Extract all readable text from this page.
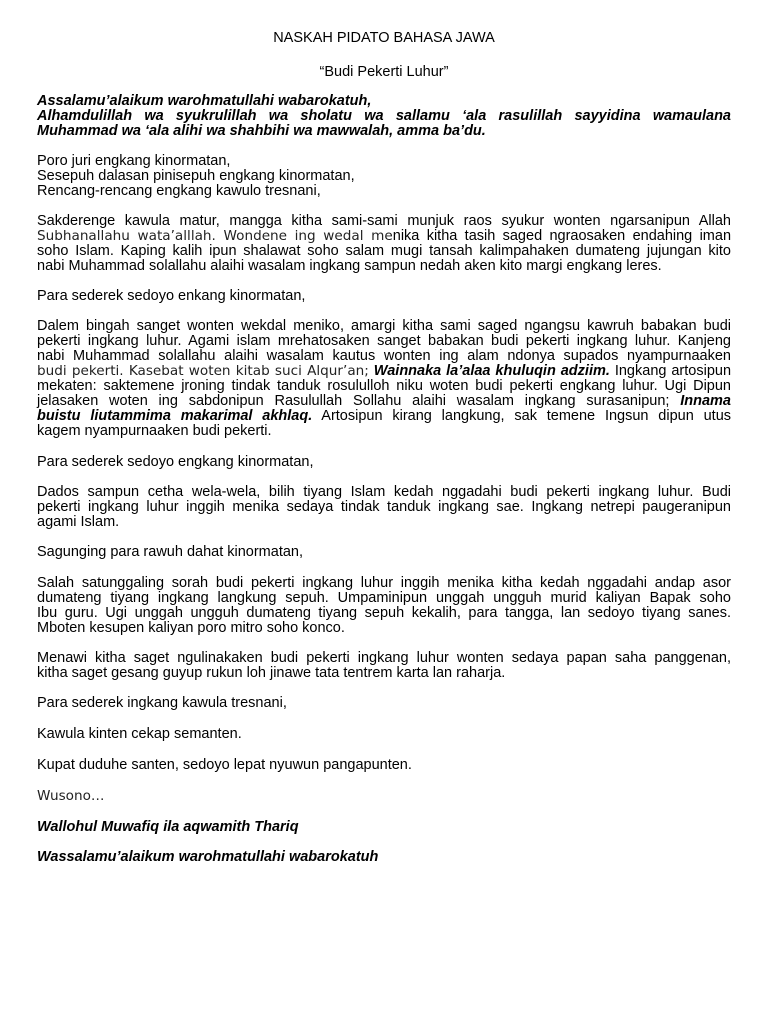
NASKAH PIDATO BAHASA JAWA
“Budi Pekerti Luhur”
Assalamu’alaikum warohmatullahi wabarokatuh,
Alhamdulillah wa syukrulillah wa sholatu wa sallamu ‘ala rasulillah sayyidina wamaulana
Muhammad wa ‘ala alihi wa shahbihi wa mawwalah, amma ba’du.
Poro juri engkang kinormatan,
Sesepuh dalasan pinisepuh engkang kinormatan,
Rencang-rencang engkang kawulo tresnani,
Sakderenge kawula matur, mangga kitha sami-sami munjuk raos syukur wonten ngarsanipun Allah
Subhanallahu wata’alllah. Wondene ing wedal menika kitha tasih saged ngraosaken endahing iman
soho Islam. Kaping kalih ipun shalawat soho salam mugi tansah kalimpahaken dumateng jujungan kito
nabi Muhammad solallahu alaihi wasalam ingkang sampun nedah aken kito margi engkang leres.
Para sederek sedoyo enkang kinormatan,
Dalem bingah sanget wonten wekdal meniko, amargi kitha sami saged ngangsu kawruh babakan budi
pekerti ingkang luhur. Agami islam mrehatosaken sanget babakan budi pekerti ingkang luhur. Kanjeng
nabi Muhammad solallahu alaihi wasalam kautus wonten ing alam ndonya supados nyampurnaaken
budi pekerti. Kasebat woten kitab suci Alqur’an; Wainnaka la’alaa khuluqin adziim. Ingkang artosipun
mekaten: saktemene jroning tindak tanduk rosululloh niku woten budi pekerti engkang luhur. Ugi Dipun
jelasaken woten ing sabdonipun Rasulullah Sollahu alaihi wasalam ingkang surasanipun; Innama
buistu liutammima makarimal akhlaq. Artosipun kirang langkung, sak temene Ingsun dipun utus
kagem nyampurnaaken budi pekerti.
Para sederek sedoyo engkang kinormatan,
Dados sampun cetha wela-wela, bilih tiyang Islam kedah nggadahi budi pekerti ingkang luhur. Budi
pekerti ingkang luhur inggih menika sedaya tindak tanduk ingkang sae. Ingkang netrepi paugeranipun
agami Islam.
Sagunging para rawuh dahat kinormatan,
Salah satunggaling sorah budi pekerti ingkang luhur inggih menika kitha kedah nggadahi andap asor
dumateng tiyang ingkang langkung sepuh. Umpaminipun unggah ungguh murid kaliyan Bapak soho
Ibu guru. Ugi unggah ungguh dumateng tiyang sepuh kekalih, para tangga, lan sedoyo tiyang sanes.
Mboten kesupen kaliyan poro mitro soho konco.
Menawi kitha saget ngulinakaken budi pekerti ingkang luhur wonten sedaya papan saha panggenan,
kitha saget gesang guyup rukun loh jinawe tata tentrem karta lan raharja.
Para sederek ingkang kawula tresnani,
Kawula kinten cekap semanten.
Kupat duduhe santen, sedoyo lepat nyuwun pangapunten.
Wusono…
Wallohul Muwafiq ila aqwamith Thariq
Wassalamu’alaikum warohmatullahi wabarokatuh
